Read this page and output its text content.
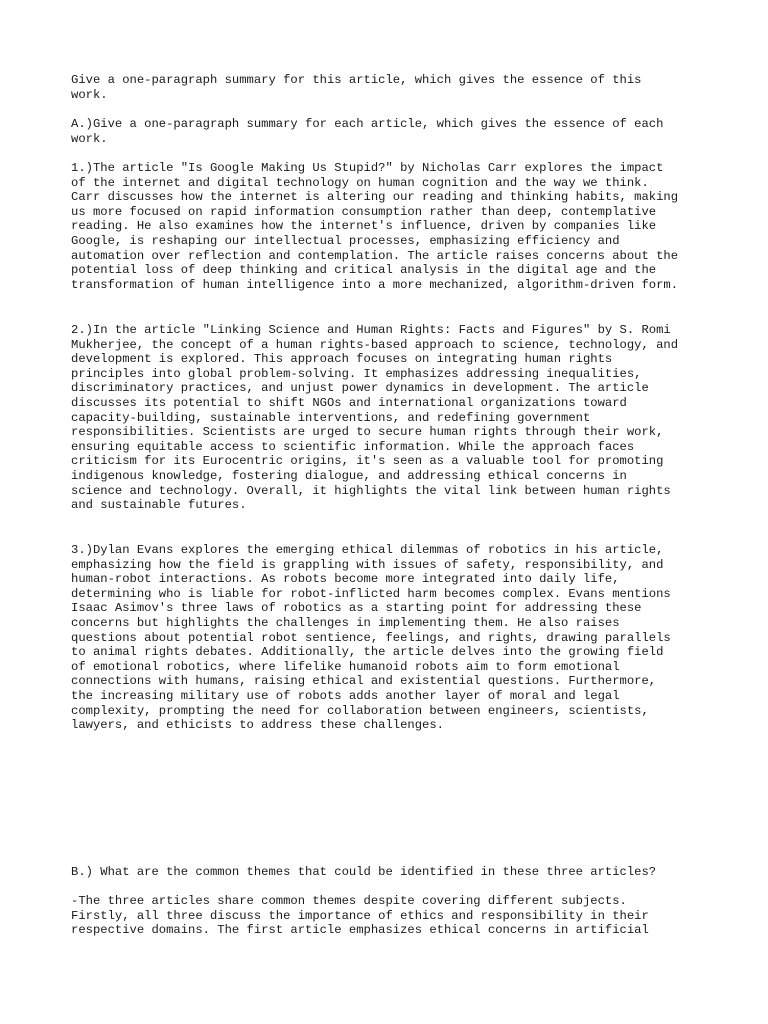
Give a one-paragraph summary for this article, which gives the essence of this

work.

A.)Give a one-paragraph summary for each article, which gives the essence of each

work.

1.)The article "Is Google Making Us Stupid?" by Nicholas Carr explores the impact

of the internet and digital technology on human cognition and the way we think.

Carr discusses how the internet is altering our reading and thinking habits, making

us more focused on rapid information consumption rather than deep, contemplative

reading. He also examines how the internet's influence, driven by companies like

Google, is reshaping our intellectual processes, emphasizing efficiency and

automation over reflection and contemplation. The article raises concerns about the

potential loss of deep thinking and critical analysis in the digital age and the

transformation of human intelligence into a more mechanized, algorithm-driven form.

2.)In the article "Linking Science and Human Rights: Facts and Figures" by S. Romi

Mukherjee, the concept of a human rights-based approach to science, technology, and

development is explored. This approach focuses on integrating human rights

principles into global problem-solving. It emphasizes addressing inequalities,

discriminatory practices, and unjust power dynamics in development. The article

discusses its potential to shift NGOs and international organizations toward

capacity-building, sustainable interventions, and redefining government

responsibilities. Scientists are urged to secure human rights through their work,

ensuring equitable access to scientific information. While the approach faces

criticism for its Eurocentric origins, it's seen as a valuable tool for promoting

indigenous knowledge, fostering dialogue, and addressing ethical concerns in

science and technology. Overall, it highlights the vital link between human rights

and sustainable futures.

3.)Dylan Evans explores the emerging ethical dilemmas of robotics in his article,

emphasizing how the field is grappling with issues of safety, responsibility, and

human-robot interactions. As robots become more integrated into daily life,

determining who is liable for robot-inflicted harm becomes complex. Evans mentions

Isaac Asimov's three laws of robotics as a starting point for addressing these

concerns but highlights the challenges in implementing them. He also raises

questions about potential robot sentience, feelings, and rights, drawing parallels

to animal rights debates. Additionally, the article delves into the growing field

of emotional robotics, where lifelike humanoid robots aim to form emotional

connections with humans, raising ethical and existential questions. Furthermore,

the increasing military use of robots adds another layer of moral and legal

complexity, prompting the need for collaboration between engineers, scientists,

lawyers, and ethicists to address these challenges.

B.) What are the common themes that could be identified in these three articles?

-The three articles share common themes despite covering different subjects.

Firstly, all three discuss the importance of ethics and responsibility in their

respective domains. The first article emphasizes ethical concerns in artificial
